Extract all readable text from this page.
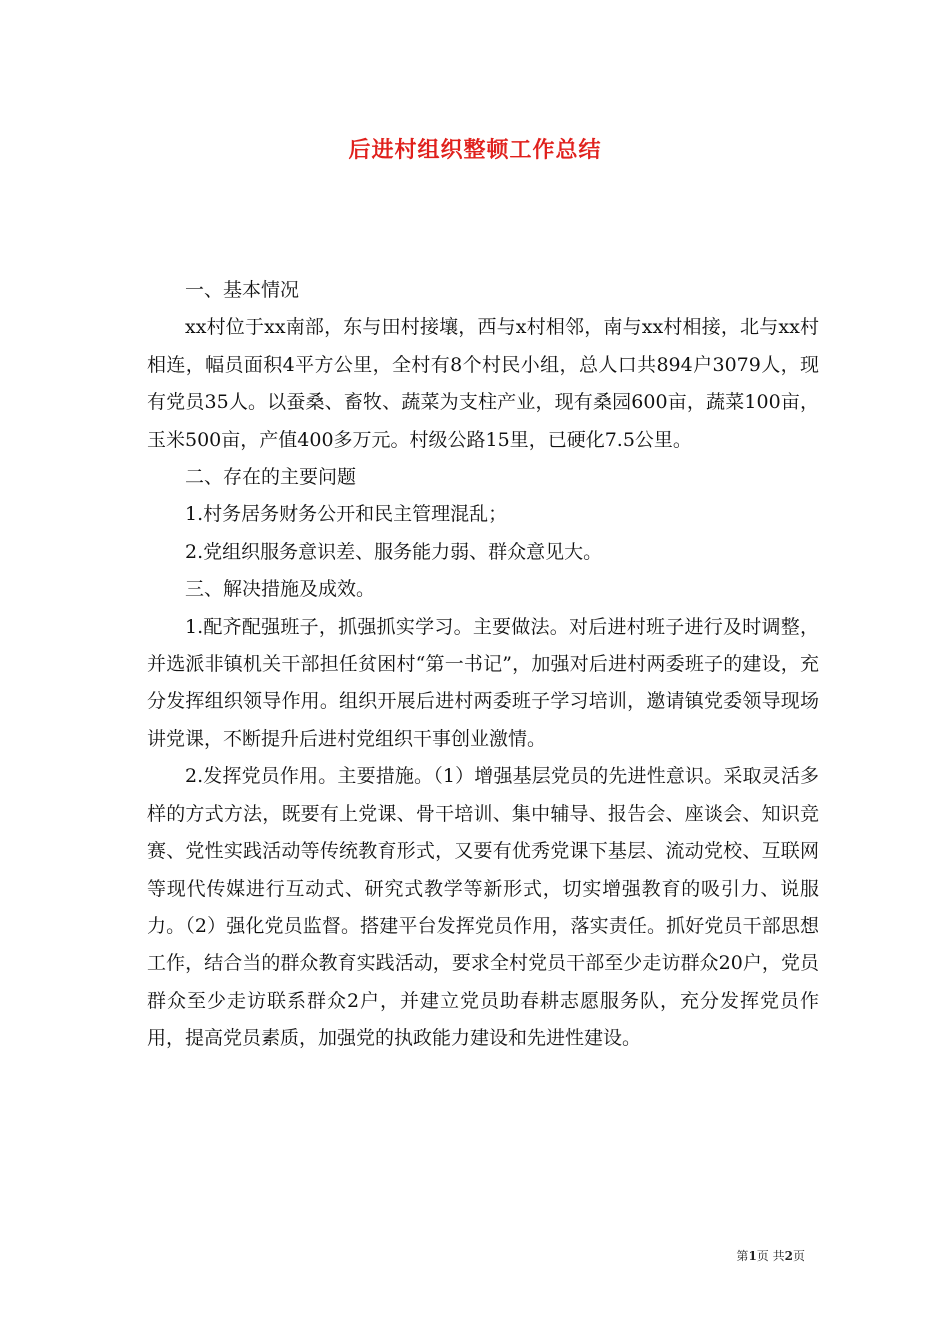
后进村组织整顿工作总结

一、基本情况

xx村位于xx南部，东与田村接壤，西与x村相邻，南与xx村相接，北与xx村相连，幅员面积4平方公里，全村有8个村民小组，总人口共894户3079人，现有党员35人。以蚕桑、畜牧、蔬菜为支柱产业，现有桑园600亩，蔬菜100亩，玉米500亩，产值400多万元。村级公路15里，已硬化7.5公里。

二、存在的主要问题

1.村务居务财务公开和民主管理混乱；

2.党组织服务意识差、服务能力弱、群众意见大。

三、解决措施及成效。

1.配齐配强班子，抓强抓实学习。主要做法。对后进村班子进行及时调整，并选派非镇机关干部担任贫困村“第一书记”，加强对后进村两委班子的建设，充分发挥组织领导作用。组织开展后进村两委班子学习培训，邀请镇党委领导现场讲党课，不断提升后进村党组织干事创业激情。

2.发挥党员作用。主要措施。（1）增强基层党员的先进性意识。采取灵活多样的方式方法，既要有上党课、骨干培训、集中辅导、报告会、座谈会、知识竞赛、党性实践活动等传统教育形式，又要有优秀党课下基层、流动党校、互联网等现代传媒进行互动式、研究式教学等新形式，切实增强教育的吸引力、说服力。（2）强化党员监督。搭建平台发挥党员作用，落实责任。抓好党员干部思想工作，结合当的群众教育实践活动，要求全村党员干部至少走访群众20户，党员群众至少走访联系群众2户，并建立党员助春耕志愿服务队，充分发挥党员作用，提高党员素质，加强党的执政能力建设和先进性建设。

第1页 共2页
